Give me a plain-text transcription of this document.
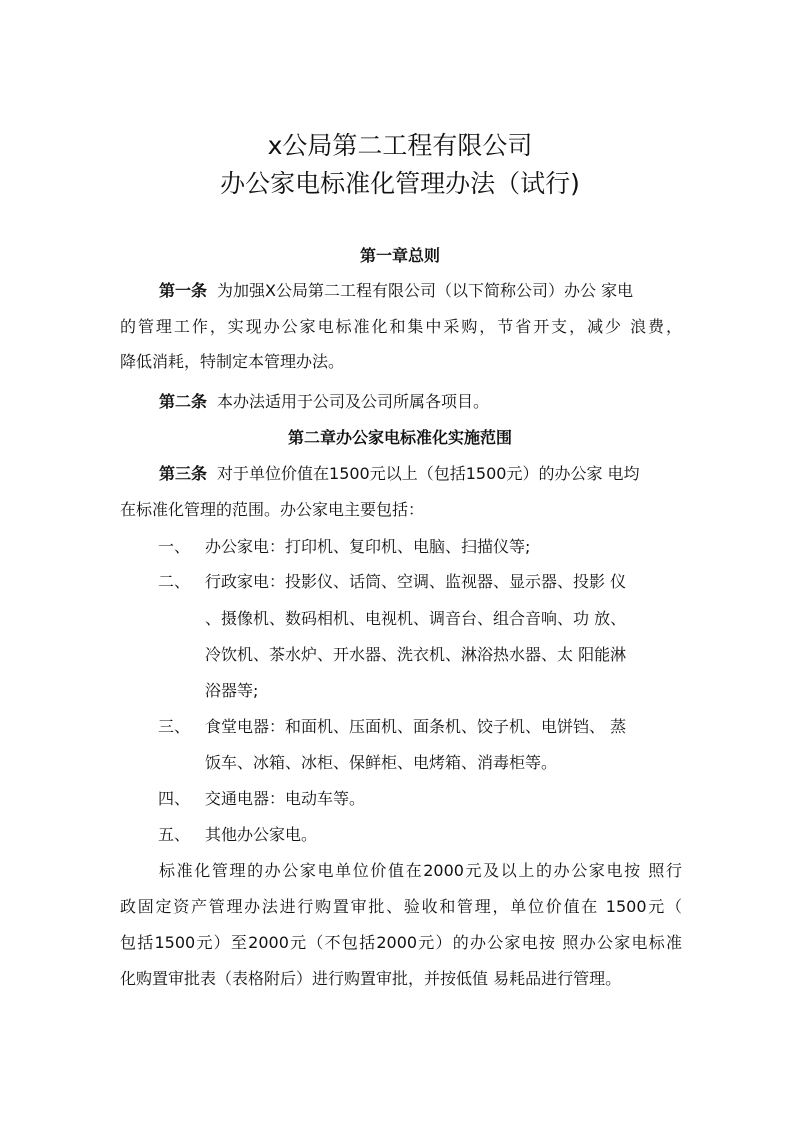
x公局第二工程有限公司
办公家电标准化管理办法（试行)
第一章总则
第一条 为加强X公局第二工程有限公司（以下简称公司）办公 家电
的管理工作，实现办公家电标准化和集中采购，节省开支，减少 浪费，
降低消耗，特制定本管理办法。
第二条 本办法适用于公司及公司所属各项目。
第二章办公家电标准化实施范围
第三条 对于单位价值在1500元以上（包括1500元）的办公家 电均
在标准化管理的范围。办公家电主要包括：
一、 办公家电：打印机、复印机、电脑、扫描仪等;
二、 行政家电：投影仪、话筒、空调、监视器、显示器、投影 仪
、摄像机、数码相机、电视机、调音台、组合音响、功 放、
冷饮机、茶水炉、开水器、洗衣机、淋浴热水器、太 阳能淋
浴器等;
三、 食堂电器：和面机、压面机、面条机、饺子机、电饼铛、 蒸
饭车、冰箱、冰柜、保鲜柜、电烤箱、消毒柜等。
四、 交通电器：电动车等。
五、 其他办公家电。
标准化管理的办公家电单位价值在2000元及以上的办公家电按 照行
政固定资产管理办法进行购置审批、验收和管理，单位价值在 1500元（
包括1500元）至2000元（不包括2000元）的办公家电按 照办公家电标准
化购置审批表（表格附后）进行购置审批，并按低值 易耗品进行管理。
